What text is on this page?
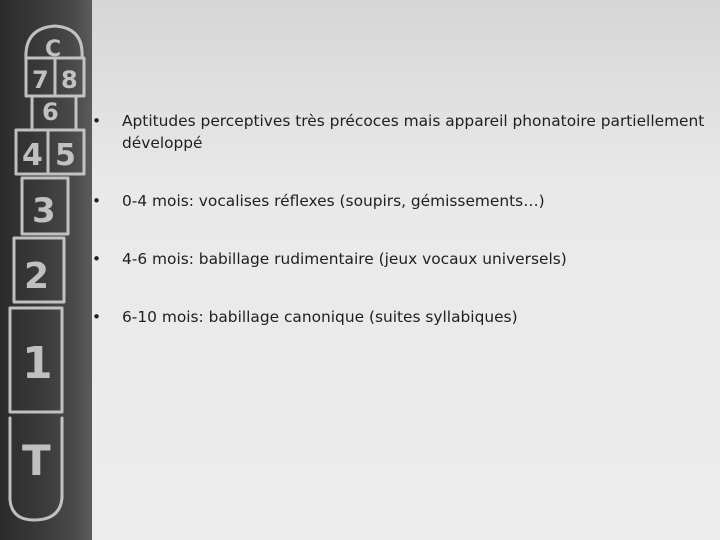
C
7 8
6
4 5
3
2
1
T
•	Aptitudes perceptives très précoces mais appareil phonatoire partiellement
développé
•	0-4 mois: vocalises réflexes (soupirs, gémissements…)
•	4-6 mois: babillage rudimentaire (jeux vocaux universels)
•	6-10 mois: babillage canonique (suites syllabiques)
